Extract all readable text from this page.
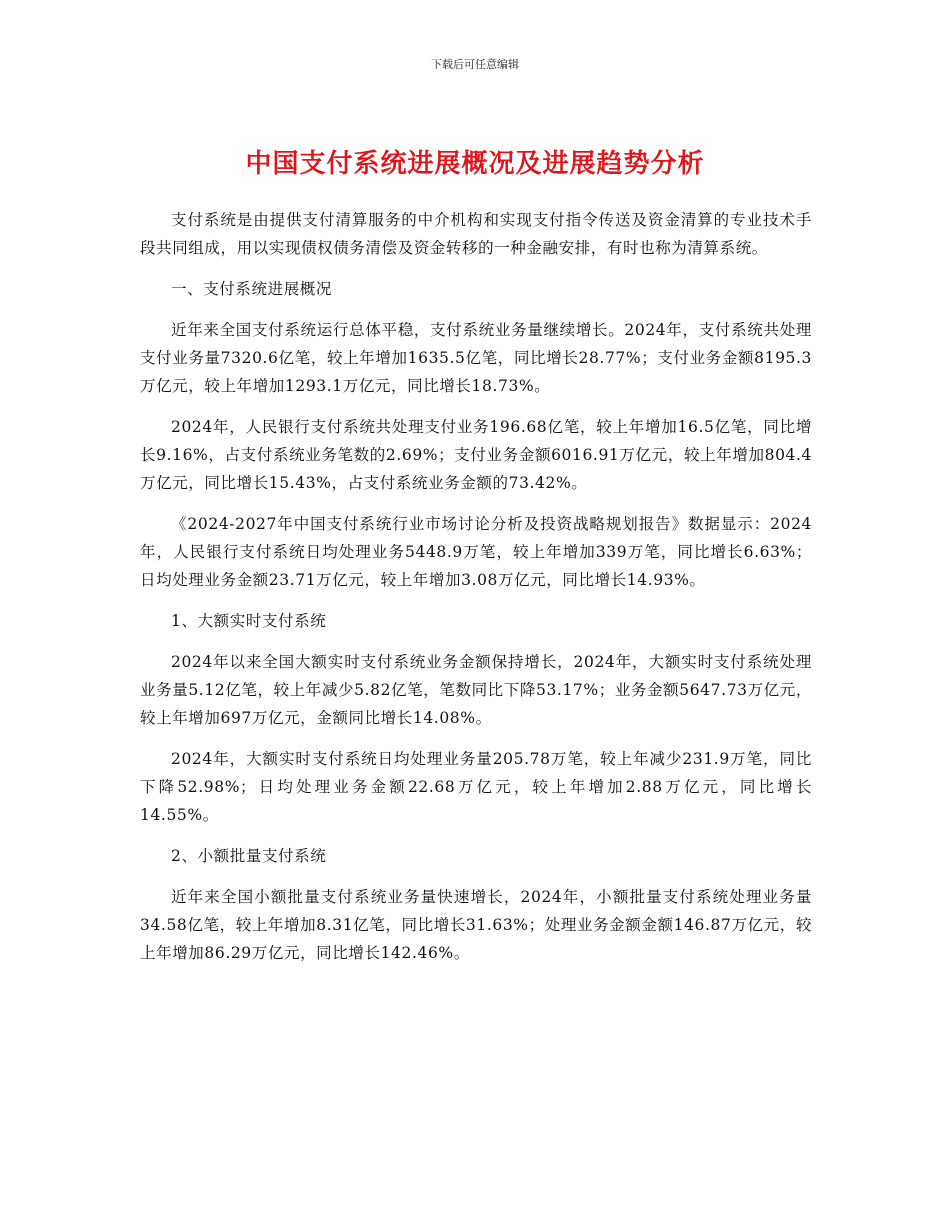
下载后可任意编辑
中国支付系统进展概况及进展趋势分析

支付系统是由提供支付清算服务的中介机构和实现支付指令传送及资金清算的专业技术手段共同组成，用以实现债权债务清偿及资金转移的一种金融安排，有时也称为清算系统。

一、支付系统进展概况

近年来全国支付系统运行总体平稳，支付系统业务量继续增长。2024年，支付系统共处理支付业务量7320.6亿笔，较上年增加1635.5亿笔，同比增长28.77%；支付业务金额8195.3万亿元，较上年增加1293.1万亿元，同比增长18.73%。

2024年，人民银行支付系统共处理支付业务196.68亿笔，较上年增加16.5亿笔，同比增长9.16%，占支付系统业务笔数的2.69%；支付业务金额6016.91万亿元，较上年增加804.4万亿元，同比增长15.43%，占支付系统业务金额的73.42%。

《2024-2027年中国支付系统行业市场讨论分析及投资战略规划报告》数据显示：2024年，人民银行支付系统日均处理业务5448.9万笔，较上年增加339万笔，同比增长6.63%；日均处理业务金额23.71万亿元，较上年增加3.08万亿元，同比增长14.93%。

1、大额实时支付系统

2024年以来全国大额实时支付系统业务金额保持增长，2024年，大额实时支付系统处理业务量5.12亿笔，较上年减少5.82亿笔，笔数同比下降53.17%；业务金额5647.73万亿元，较上年增加697万亿元，金额同比增长14.08%。

2024年，大额实时支付系统日均处理业务量205.78万笔，较上年减少231.9万笔，同比下降52.98%；日均处理业务金额22.68万亿元，较上年增加2.88万亿元，同比增长14.55%。

2、小额批量支付系统

近年来全国小额批量支付系统业务量快速增长，2024年，小额批量支付系统处理业务量34.58亿笔，较上年增加8.31亿笔，同比增长31.63%；处理业务金额金额146.87万亿元，较上年增加86.29万亿元，同比增长142.46%。
